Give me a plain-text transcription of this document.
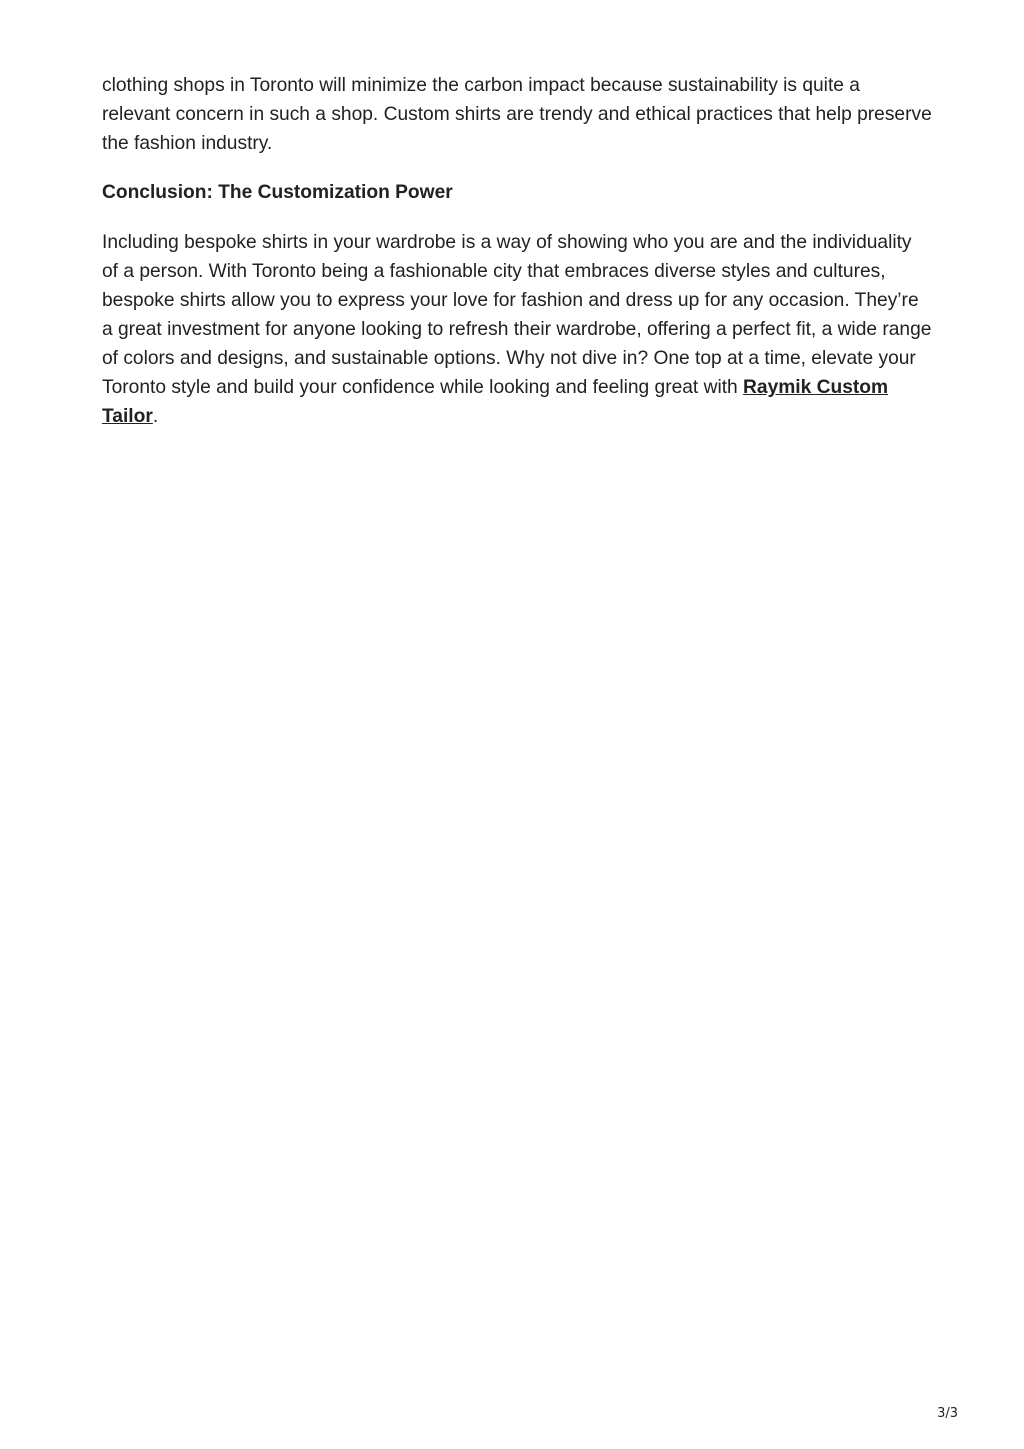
clothing shops in Toronto will minimize the carbon impact because sustainability is quite a relevant concern in such a shop. Custom shirts are trendy and ethical practices that help preserve the fashion industry.

Conclusion: The Customization Power

Including bespoke shirts in your wardrobe is a way of showing who you are and the individuality of a person. With Toronto being a fashionable city that embraces diverse styles and cultures, bespoke shirts allow you to express your love for fashion and dress up for any occasion. They’re a great investment for anyone looking to refresh their wardrobe, offering a perfect fit, a wide range of colors and designs, and sustainable options. Why not dive in? One top at a time, elevate your Toronto style and build your confidence while looking and feeling great with Raymik Custom Tailor.

3/3
